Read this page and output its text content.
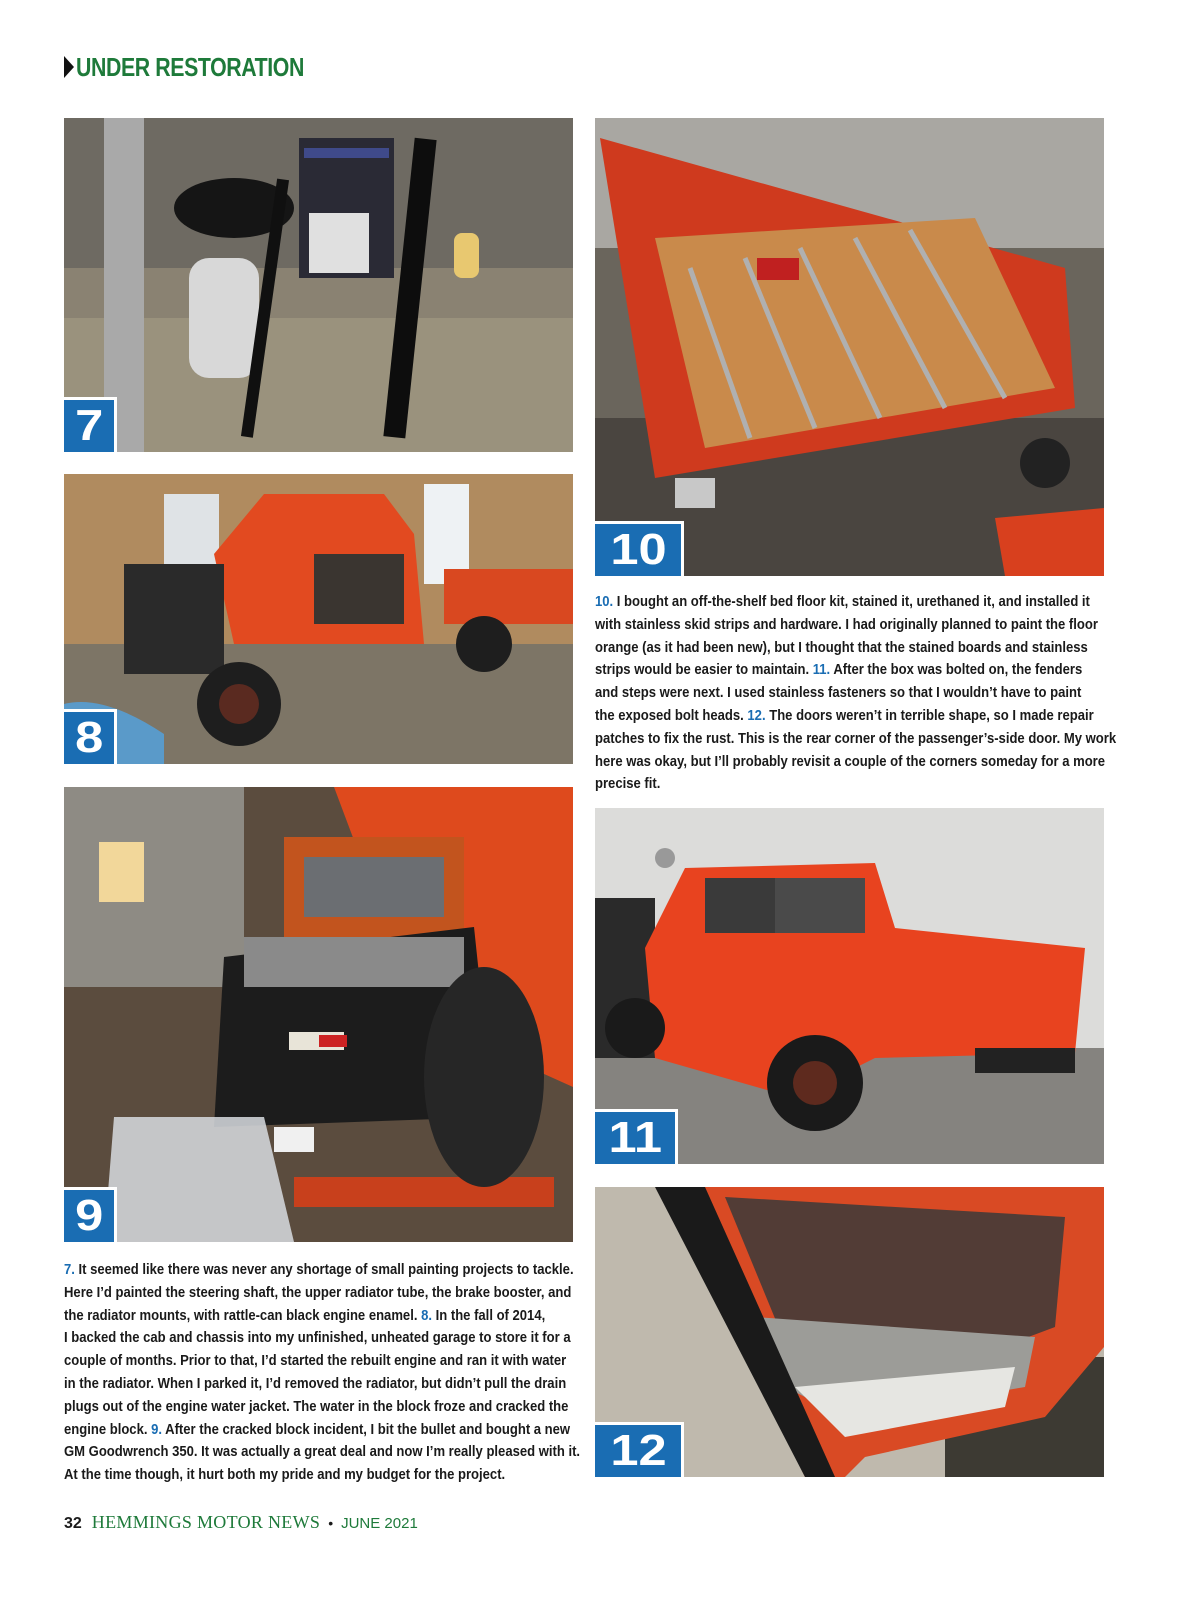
UNDER RESTORATION
7
8
9
10
11
12
10. I bought an off-the-shelf bed floor kit, stained it, urethaned it, and installed it
with stainless skid strips and hardware. I had originally planned to paint the floor
orange (as it had been new), but I thought that the stained boards and stainless
strips would be easier to maintain. 11. After the box was bolted on, the fenders
and steps were next. I used stainless fasteners so that I wouldn’t have to paint
the exposed bolt heads. 12. The doors weren’t in terrible shape, so I made repair
patches to fix the rust. This is the rear corner of the passenger’s-side door. My work
here was okay, but I’ll probably revisit a couple of the corners someday for a more
precise fit.
7. It seemed like there was never any shortage of small painting projects to tackle.
Here I’d painted the steering shaft, the upper radiator tube, the brake booster, and
the radiator mounts, with rattle-can black engine enamel. 8. In the fall of 2014,
I backed the cab and chassis into my unfinished, unheated garage to store it for a
couple of months. Prior to that, I’d started the rebuilt engine and ran it with water
in the radiator. When I parked it, I’d removed the radiator, but didn’t pull the drain
plugs out of the engine water jacket. The water in the block froze and cracked the
engine block. 9. After the cracked block incident, I bit the bullet and bought a new
GM Goodwrench 350. It was actually a great deal and now I’m really pleased with it.
At the time though, it hurt both my pride and my budget for the project.
32 HEMMINGS MOTOR NEWS • JUNE 2021
